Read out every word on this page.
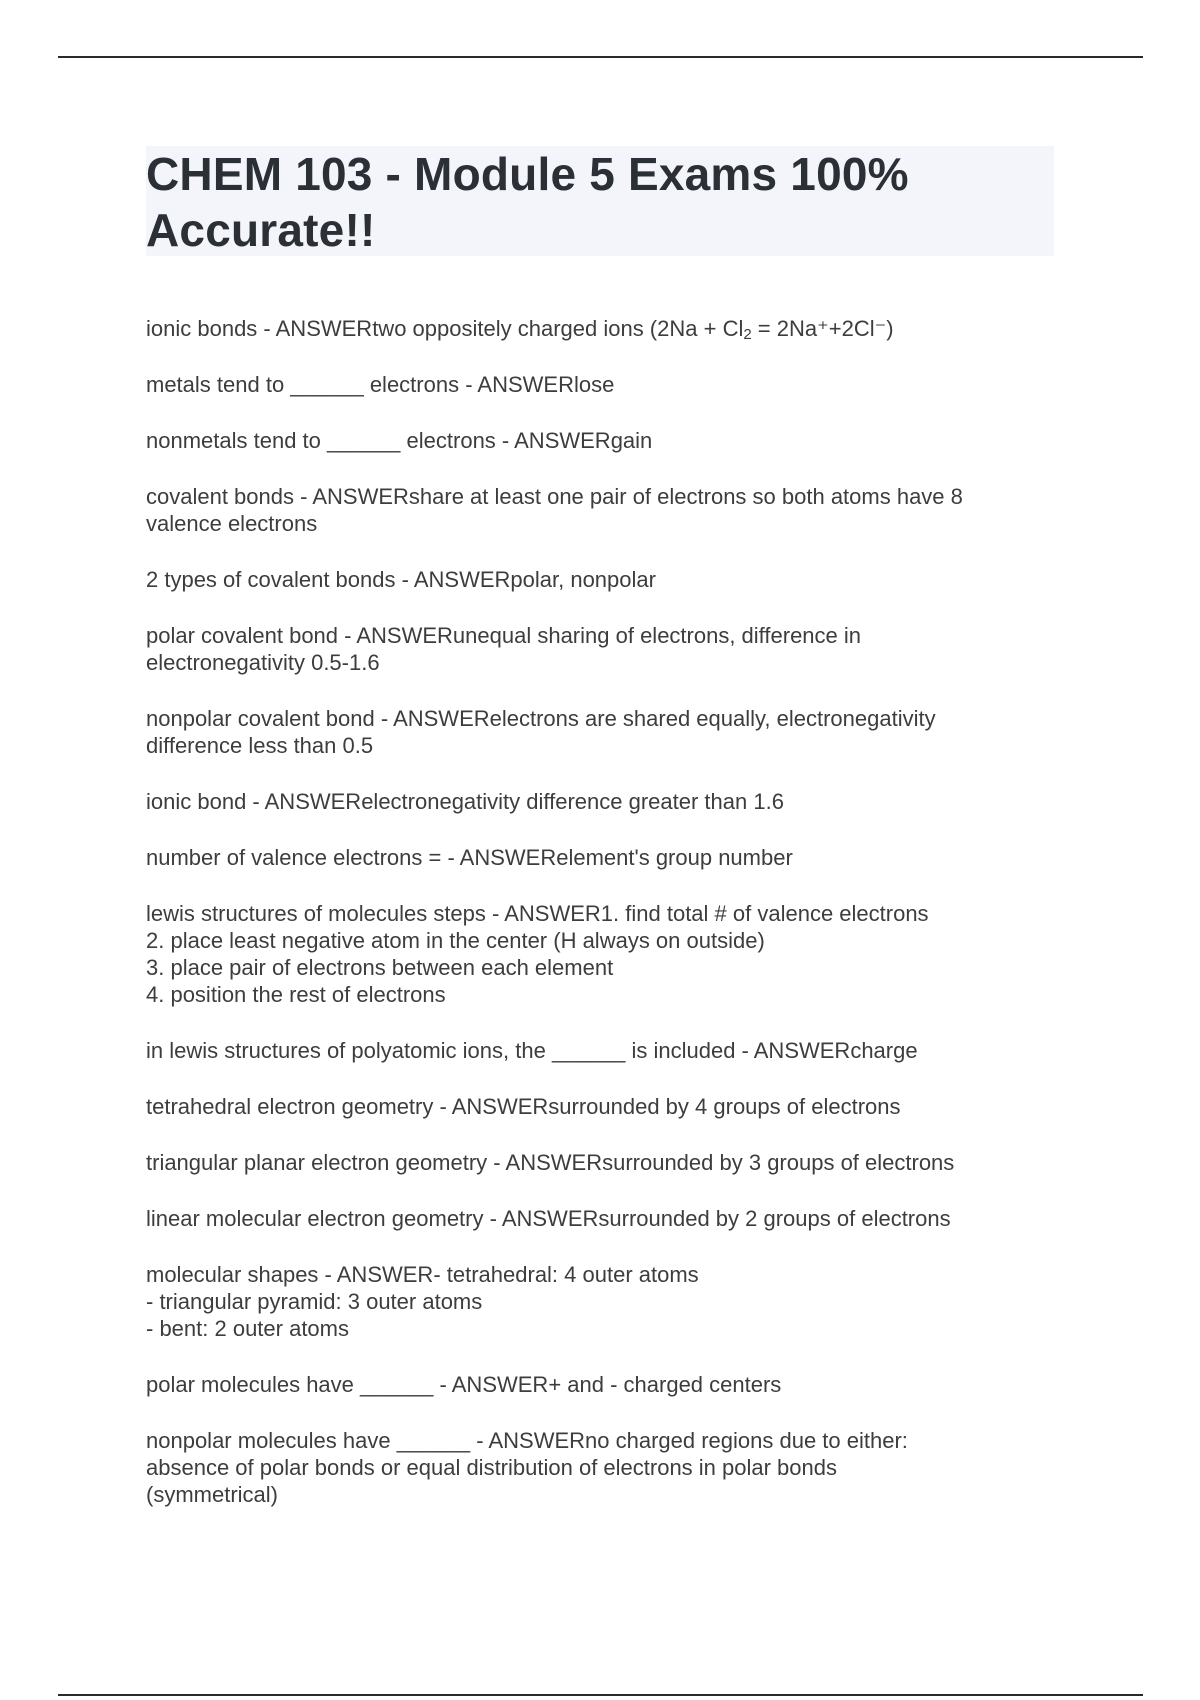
CHEM 103 - Module 5 Exams 100% Accurate!!

ionic bonds - ANSWERtwo oppositely charged ions $(2Na + Cl_2 = 2Na^++2Cl^-)$

metals tend to ______ electrons - ANSWERlose

nonmetals tend to ______ electrons - ANSWERgain

covalent bonds - ANSWERshare at least one pair of electrons so both atoms have 8
valence electrons

2 types of covalent bonds - ANSWERpolar, nonpolar

polar covalent bond - ANSWERunequal sharing of electrons, difference in
electronegativity 0.5-1.6

nonpolar covalent bond - ANSWERelectrons are shared equally, electronegativity
difference less than 0.5

ionic bond - ANSWERelectronegativity difference greater than 1.6

number of valence electrons = - ANSWERelement's group number

lewis structures of molecules steps - ANSWER1. find total # of valence electrons
2. place least negative atom in the center (H always on outside)
3. place pair of electrons between each element
4. position the rest of electrons

in lewis structures of polyatomic ions, the ______ is included - ANSWERcharge

tetrahedral electron geometry - ANSWERsurrounded by 4 groups of electrons

triangular planar electron geometry - ANSWERsurrounded by 3 groups of electrons

linear molecular electron geometry - ANSWERsurrounded by 2 groups of electrons

molecular shapes - ANSWER- tetrahedral: 4 outer atoms
- triangular pyramid: 3 outer atoms
- bent: 2 outer atoms

polar molecules have ______ - ANSWER+ and - charged centers

nonpolar molecules have ______ - ANSWERno charged regions due to either:
absence of polar bonds or equal distribution of electrons in polar bonds
(symmetrical)
